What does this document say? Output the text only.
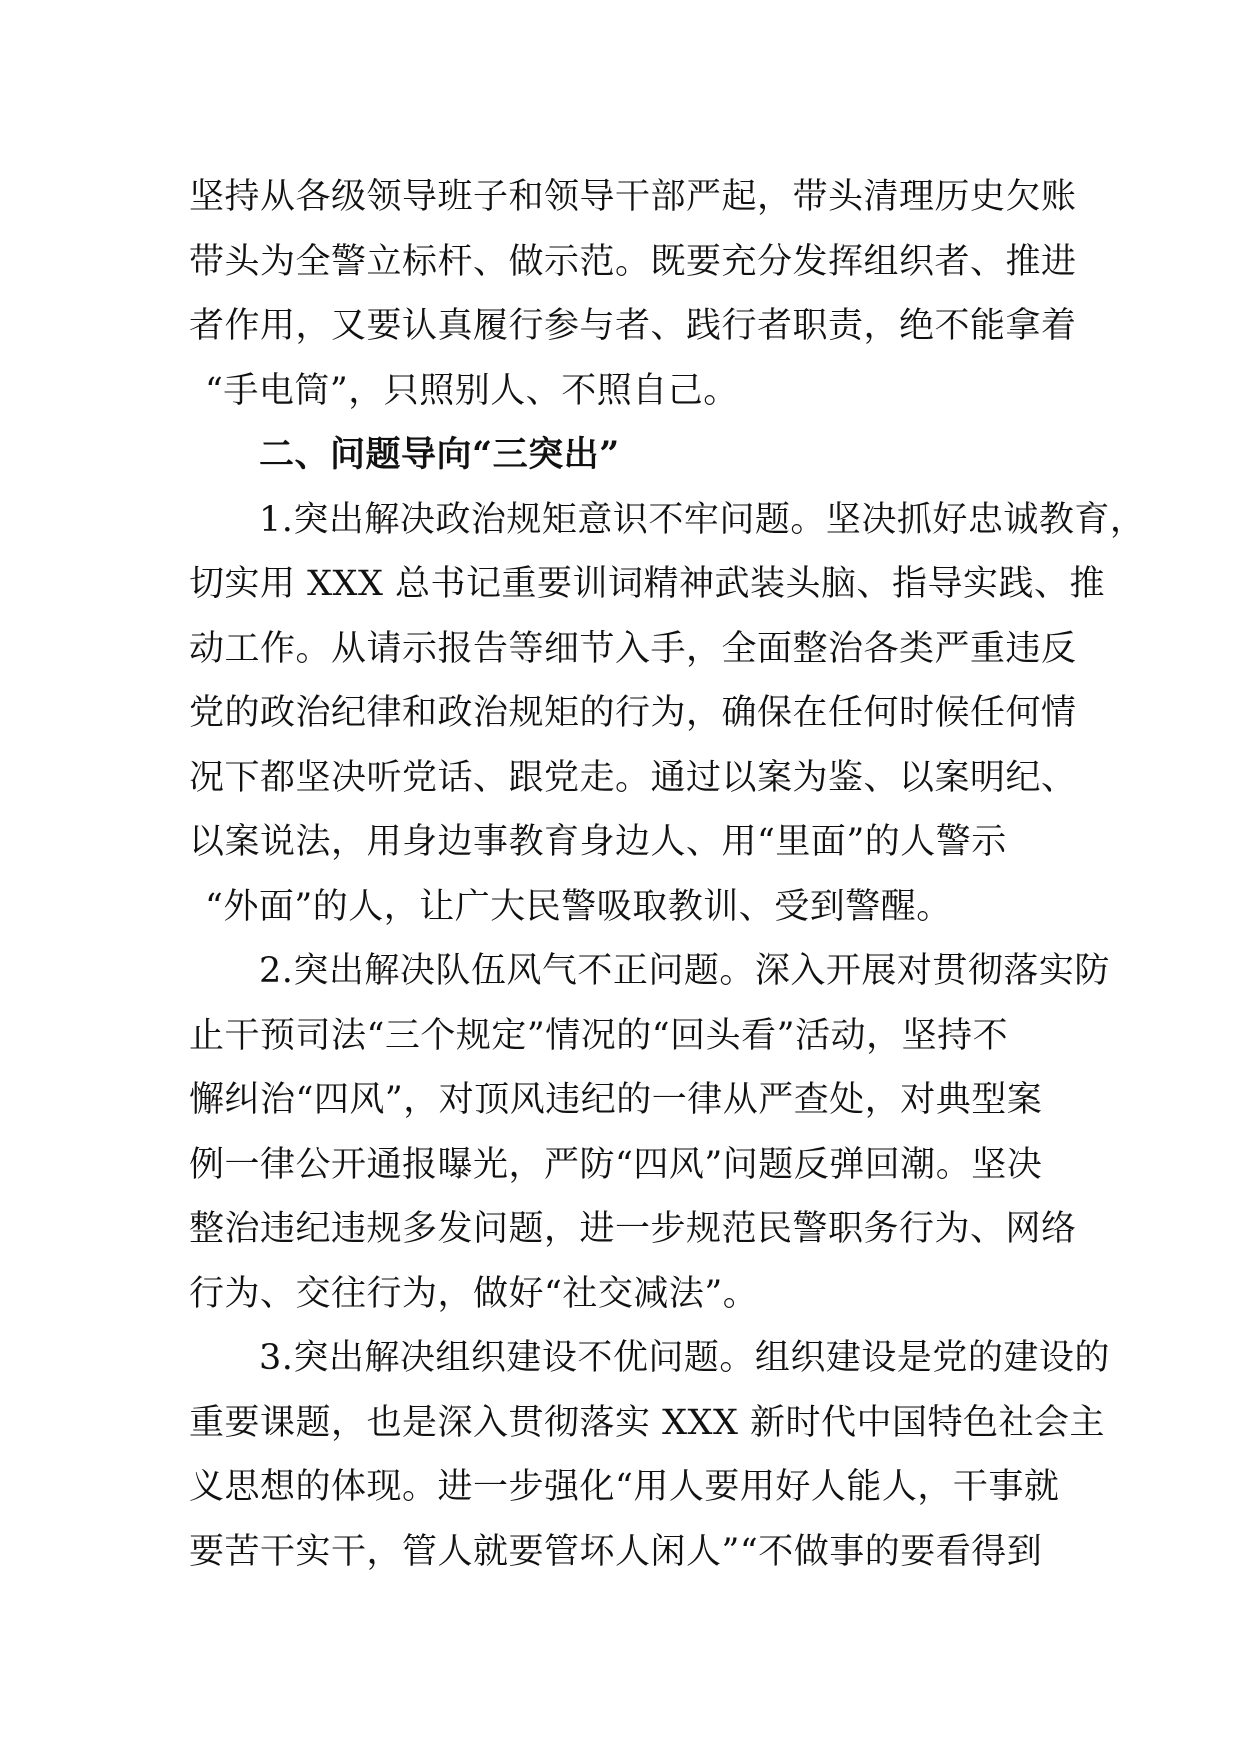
坚持从各级领导班子和领导干部严起，带头清理历史欠账
带头为全警立标杆、做示范。既要充分发挥组织者、推进
者作用，又要认真履行参与者、践行者职责，绝不能拿着
“手电筒”，只照别人、不照自己。
二、问题导向“三突出”
1.突出解决政治规矩意识不牢问题。坚决抓好忠诚教育，
切实用 XXX 总书记重要训词精神武装头脑、指导实践、推
动工作。从请示报告等细节入手，全面整治各类严重违反
党的政治纪律和政治规矩的行为，确保在任何时候任何情
况下都坚决听党话、跟党走。通过以案为鉴、以案明纪、
以案说法，用身边事教育身边人、用“里面”的人警示
“外面”的人，让广大民警吸取教训、受到警醒。
2.突出解决队伍风气不正问题。深入开展对贯彻落实防
止干预司法“三个规定”情况的“回头看”活动，坚持不
懈纠治“四风”，对顶风违纪的一律从严查处，对典型案
例一律公开通报曝光，严防“四风”问题反弹回潮。坚决
整治违纪违规多发问题，进一步规范民警职务行为、网络
行为、交往行为，做好“社交减法”。
3.突出解决组织建设不优问题。组织建设是党的建设的
重要课题，也是深入贯彻落实 XXX 新时代中国特色社会主
义思想的体现。进一步强化“用人要用好人能人，干事就
要苦干实干，管人就要管坏人闲人”“不做事的要看得到
